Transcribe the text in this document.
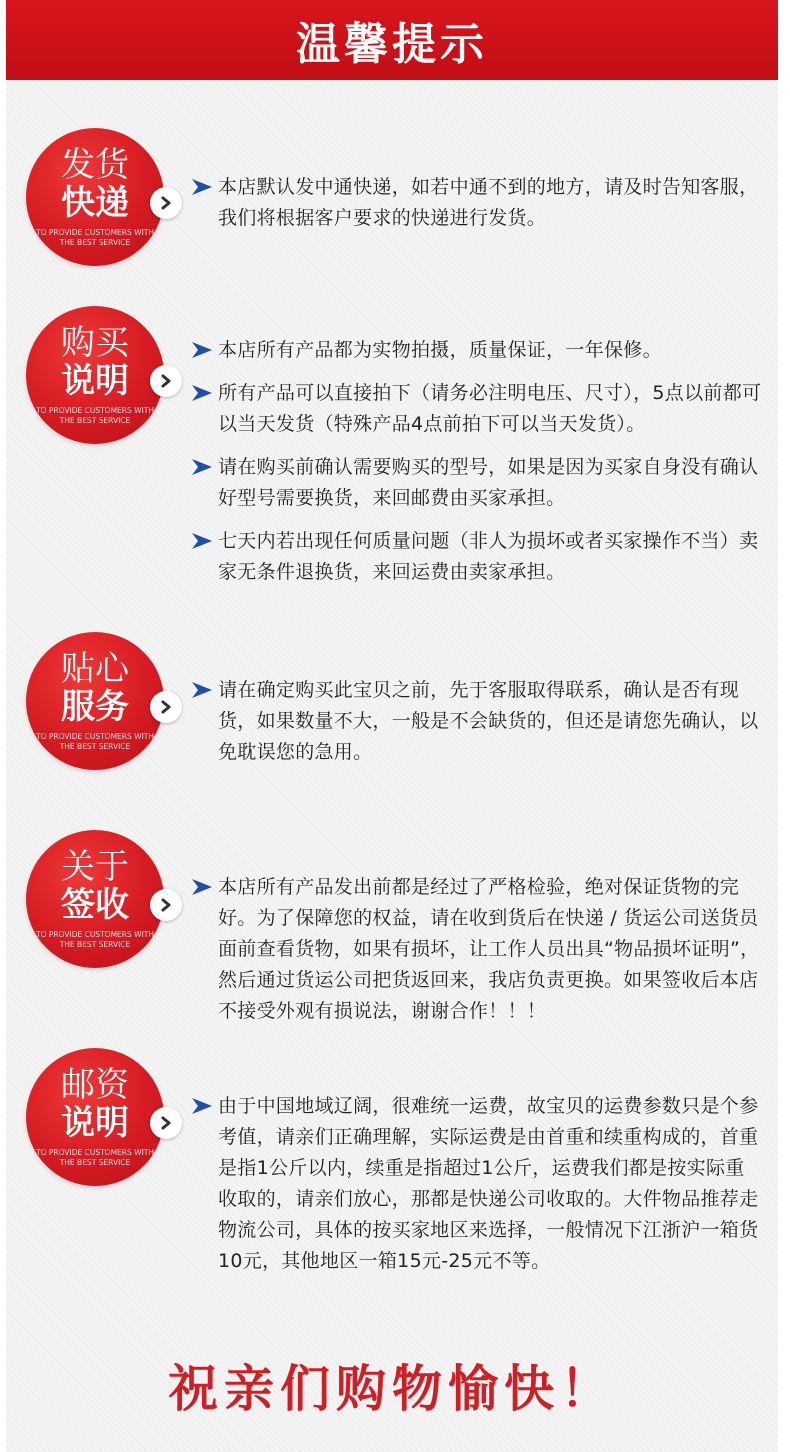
温馨提示
发货
快递
TO PROVIDE CUSTOMERS WITH THE BEST SERVICE
本店默认发中通快递，如若中通不到的地方，请及时告知客服，我们将根据客户要求的快递进行发货。
购买
说明
TO PROVIDE CUSTOMERS WITH THE BEST SERVICE
本店所有产品都为实物拍摄，质量保证，一年保修。
所有产品可以直接拍下（请务必注明电压、尺寸），5点以前都可以当天发货（特殊产品4点前拍下可以当天发货）。
请在购买前确认需要购买的型号，如果是因为买家自身没有确认好型号需要换货，来回邮费由买家承担。
七天内若出现任何质量问题（非人为损坏或者买家操作不当）卖家无条件退换货，来回运费由卖家承担。
贴心
服务
TO PROVIDE CUSTOMERS WITH THE BEST SERVICE
请在确定购买此宝贝之前，先于客服取得联系，确认是否有现货，如果数量不大，一般是不会缺货的，但还是请您先确认，以免耽误您的急用。
关于
签收
TO PROVIDE CUSTOMERS WITH THE BEST SERVICE
本店所有产品发出前都是经过了严格检验，绝对保证货物的完好。为了保障您的权益，请在收到货后在快递 / 货运公司送货员面前查看货物，如果有损坏，让工作人员出具“物品损坏证明”，然后通过货运公司把货返回来，我店负责更换。如果签收后本店不接受外观有损说法，谢谢合作！！！
邮资
说明
TO PROVIDE CUSTOMERS WITH THE BEST SERVICE
由于中国地域辽阔，很难统一运费，故宝贝的运费参数只是个参考值，请亲们正确理解，实际运费是由首重和续重构成的，首重是指1公斤以内，续重是指超过1公斤，运费我们都是按实际重收取的，请亲们放心，那都是快递公司收取的。大件物品推荐走物流公司，具体的按买家地区来选择，一般情况下江浙沪一箱货10元，其他地区一箱15元-25元不等。
祝亲们购物愉快！
